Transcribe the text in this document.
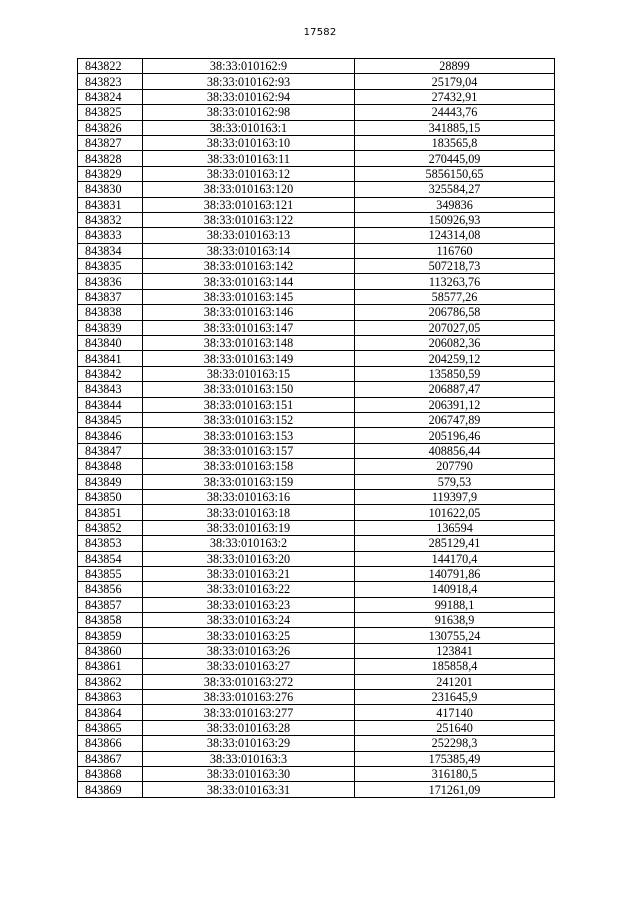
17582
843822	38:33:010162:9	28899
843823	38:33:010162:93	25179,04
843824	38:33:010162:94	27432,91
843825	38:33:010162:98	24443,76
843826	38:33:010163:1	341885,15
843827	38:33:010163:10	183565,8
843828	38:33:010163:11	270445,09
843829	38:33:010163:12	5856150,65
843830	38:33:010163:120	325584,27
843831	38:33:010163:121	349836
843832	38:33:010163:122	150926,93
843833	38:33:010163:13	124314,08
843834	38:33:010163:14	116760
843835	38:33:010163:142	507218,73
843836	38:33:010163:144	113263,76
843837	38:33:010163:145	58577,26
843838	38:33:010163:146	206786,58
843839	38:33:010163:147	207027,05
843840	38:33:010163:148	206082,36
843841	38:33:010163:149	204259,12
843842	38:33:010163:15	135850,59
843843	38:33:010163:150	206887,47
843844	38:33:010163:151	206391,12
843845	38:33:010163:152	206747,89
843846	38:33:010163:153	205196,46
843847	38:33:010163:157	408856,44
843848	38:33:010163:158	207790
843849	38:33:010163:159	579,53
843850	38:33:010163:16	119397,9
843851	38:33:010163:18	101622,05
843852	38:33:010163:19	136594
843853	38:33:010163:2	285129,41
843854	38:33:010163:20	144170,4
843855	38:33:010163:21	140791,86
843856	38:33:010163:22	140918,4
843857	38:33:010163:23	99188,1
843858	38:33:010163:24	91638,9
843859	38:33:010163:25	130755,24
843860	38:33:010163:26	123841
843861	38:33:010163:27	185858,4
843862	38:33:010163:272	241201
843863	38:33:010163:276	231645,9
843864	38:33:010163:277	417140
843865	38:33:010163:28	251640
843866	38:33:010163:29	252298,3
843867	38:33:010163:3	175385,49
843868	38:33:010163:30	316180,5
843869	38:33:010163:31	171261,09
